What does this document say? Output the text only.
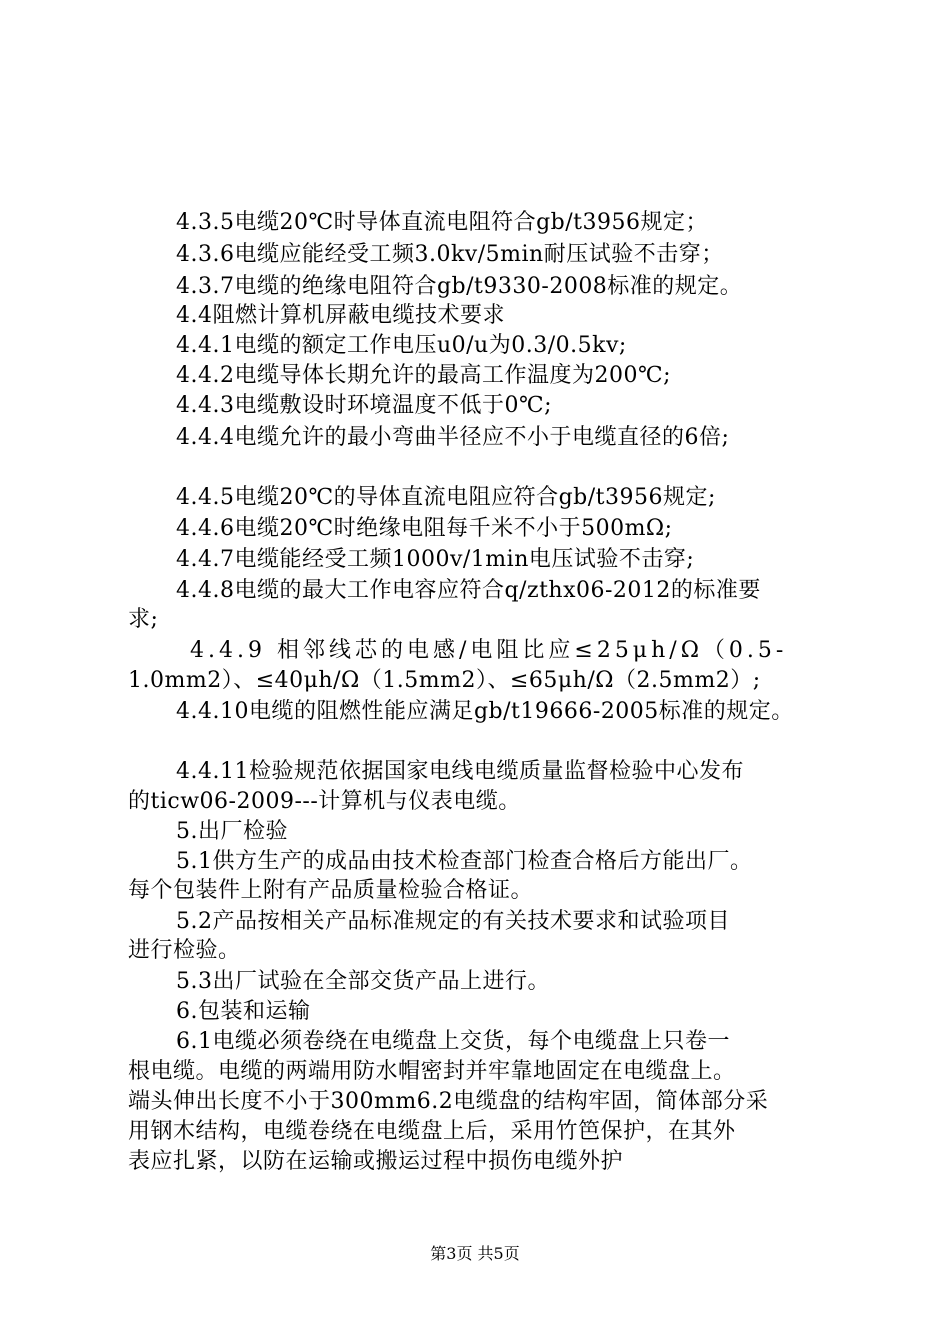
4.3.5电缆20℃时导体直流电阻符合gb/t3956规定；
4.3.6电缆应能经受工频3.0kv/5min耐压试验不击穿；
4.3.7电缆的绝缘电阻符合gb/t9330-2008标准的规定。
4.4阻燃计算机屏蔽电缆技术要求
4.4.1电缆的额定工作电压u0/u为0.3/0.5kv;
4.4.2电缆导体长期允许的最高工作温度为200℃;
4.4.3电缆敷设时环境温度不低于0℃;
4.4.4电缆允许的最小弯曲半径应不小于电缆直径的6倍;
4.4.5电缆20℃的导体直流电阻应符合gb/t3956规定;
4.4.6电缆20℃时绝缘电阻每千米不小于500mΩ;
4.4.7电缆能经受工频1000v/1min电压试验不击穿;
4.4.8电缆的最大工作电容应符合q/zthx06-2012的标准要
求;
4.4.9 相邻线芯的电感/电阻比应≤25μh/Ω（0.5-
1.0mm2）、≤40μh/Ω（1.5mm2）、≤65μh/Ω（2.5mm2）;
4.4.10电缆的阻燃性能应满足gb/t19666-2005标准的规定。
4.4.11检验规范依据国家电线电缆质量监督检验中心发布
的ticw06-2009---计算机与仪表电缆。
5.出厂检验
5.1供方生产的成品由技术检查部门检查合格后方能出厂。
每个包装件上附有产品质量检验合格证。
5.2产品按相关产品标准规定的有关技术要求和试验项目
进行检验。
5.3出厂试验在全部交货产品上进行。
6.包装和运输
6.1电缆必须卷绕在电缆盘上交货，每个电缆盘上只卷一
根电缆。电缆的两端用防水帽密封并牢靠地固定在电缆盘上。
端头伸出长度不小于300mm6.2电缆盘的结构牢固，简体部分采
用钢木结构，电缆卷绕在电缆盘上后，采用竹笆保护，在其外
表应扎紧，以防在运输或搬运过程中损伤电缆外护
第3页 共5页
